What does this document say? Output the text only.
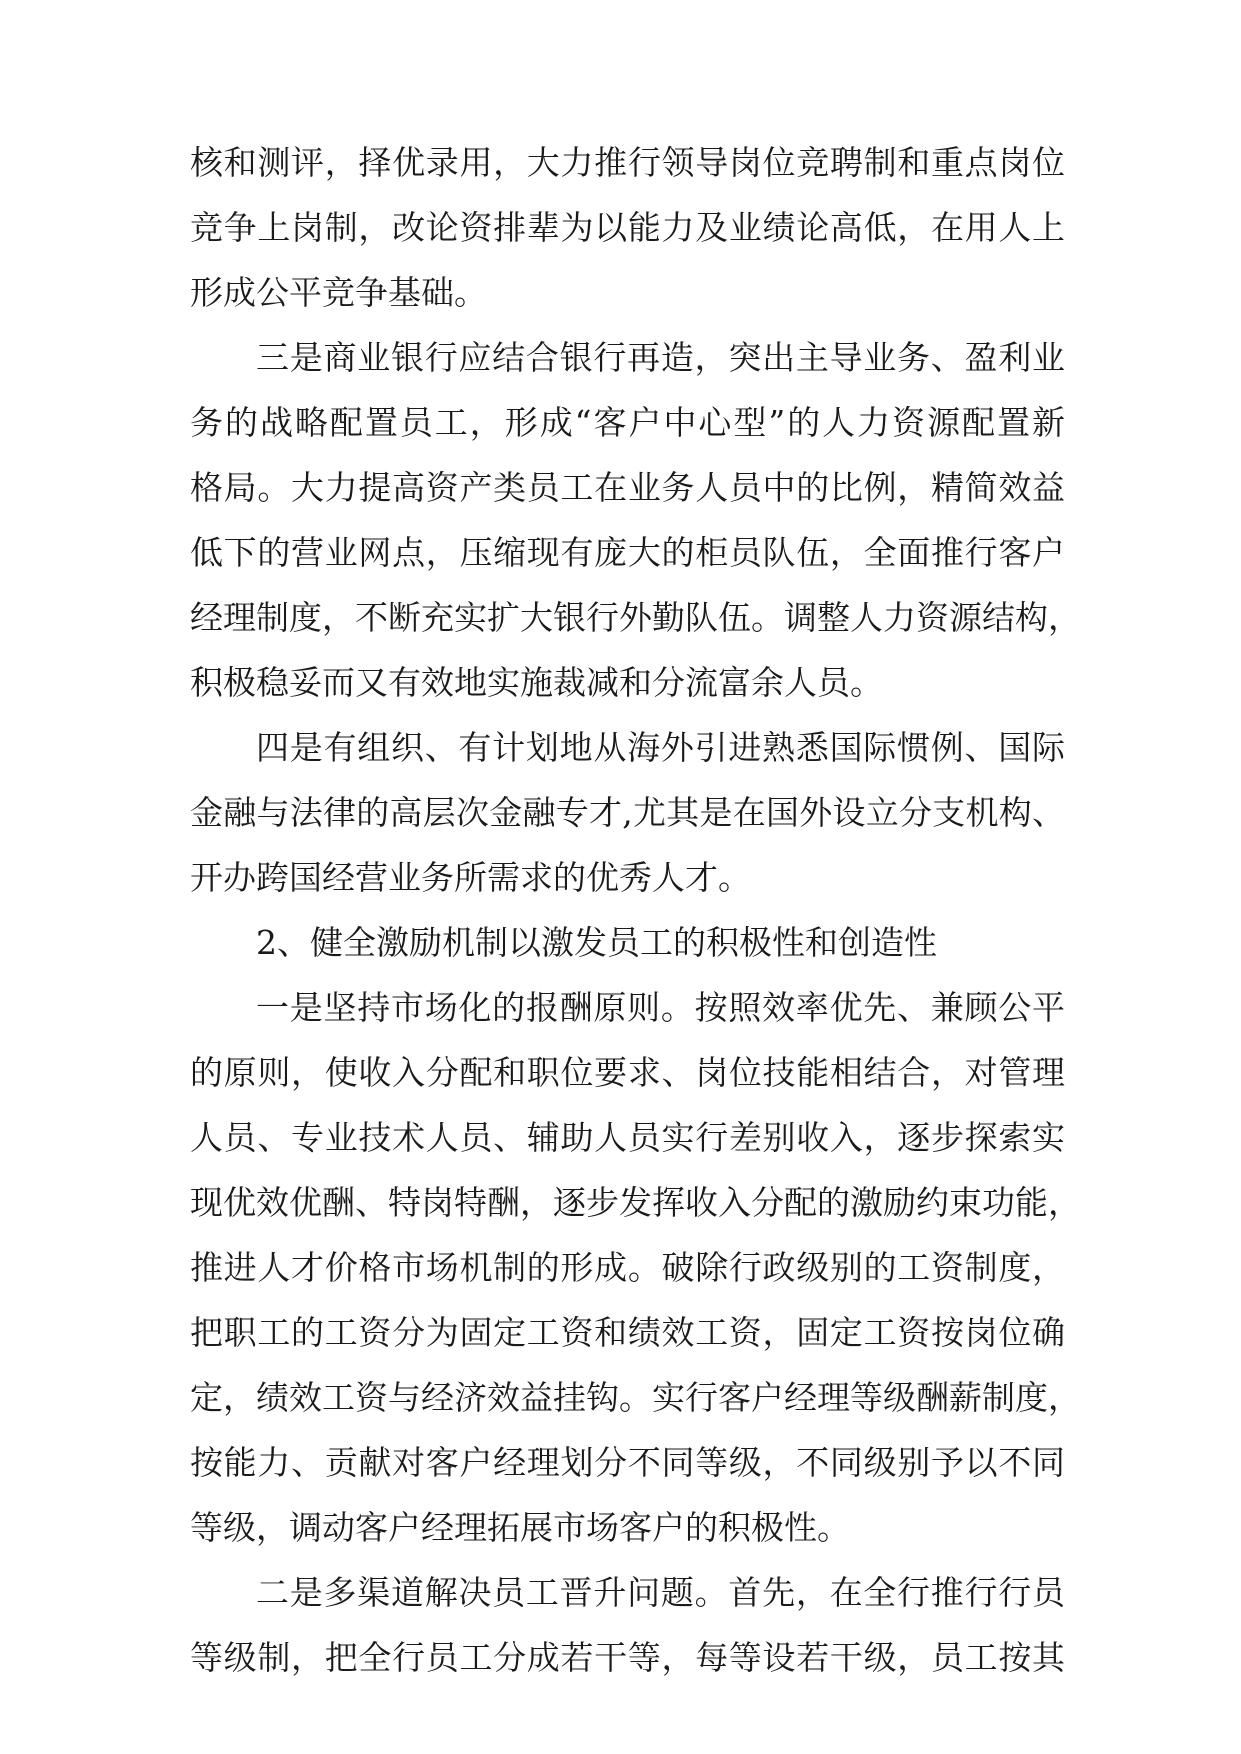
核和测评，择优录用，大力推行领导岗位竞聘制和重点岗位
竞争上岗制，改论资排辈为以能力及业绩论高低，在用人上
形成公平竞争基础。
三是商业银行应结合银行再造，突出主导业务、盈利业
务的战略配置员工，形成“客户中心型”的人力资源配置新
格局。大力提高资产类员工在业务人员中的比例，精简效益
低下的营业网点，压缩现有庞大的柜员队伍，全面推行客户
经理制度，不断充实扩大银行外勤队伍。调整人力资源结构，
积极稳妥而又有效地实施裁减和分流富余人员。
四是有组织、有计划地从海外引进熟悉国际惯例、国际
金融与法律的高层次金融专才,尤其是在国外设立分支机构、
开办跨国经营业务所需求的优秀人才。
2、健全激励机制以激发员工的积极性和创造性
一是坚持市场化的报酬原则。按照效率优先、兼顾公平
的原则，使收入分配和职位要求、岗位技能相结合，对管理
人员、专业技术人员、辅助人员实行差别收入，逐步探索实
现优效优酬、特岗特酬，逐步发挥收入分配的激励约束功能，
推进人才价格市场机制的形成。破除行政级别的工资制度，
把职工的工资分为固定工资和绩效工资，固定工资按岗位确
定，绩效工资与经济效益挂钩。实行客户经理等级酬薪制度，
按能力、贡献对客户经理划分不同等级，不同级别予以不同
等级，调动客户经理拓展市场客户的积极性。
二是多渠道解决员工晋升问题。首先，在全行推行行员
等级制，把全行员工分成若干等，每等设若干级，员工按其
